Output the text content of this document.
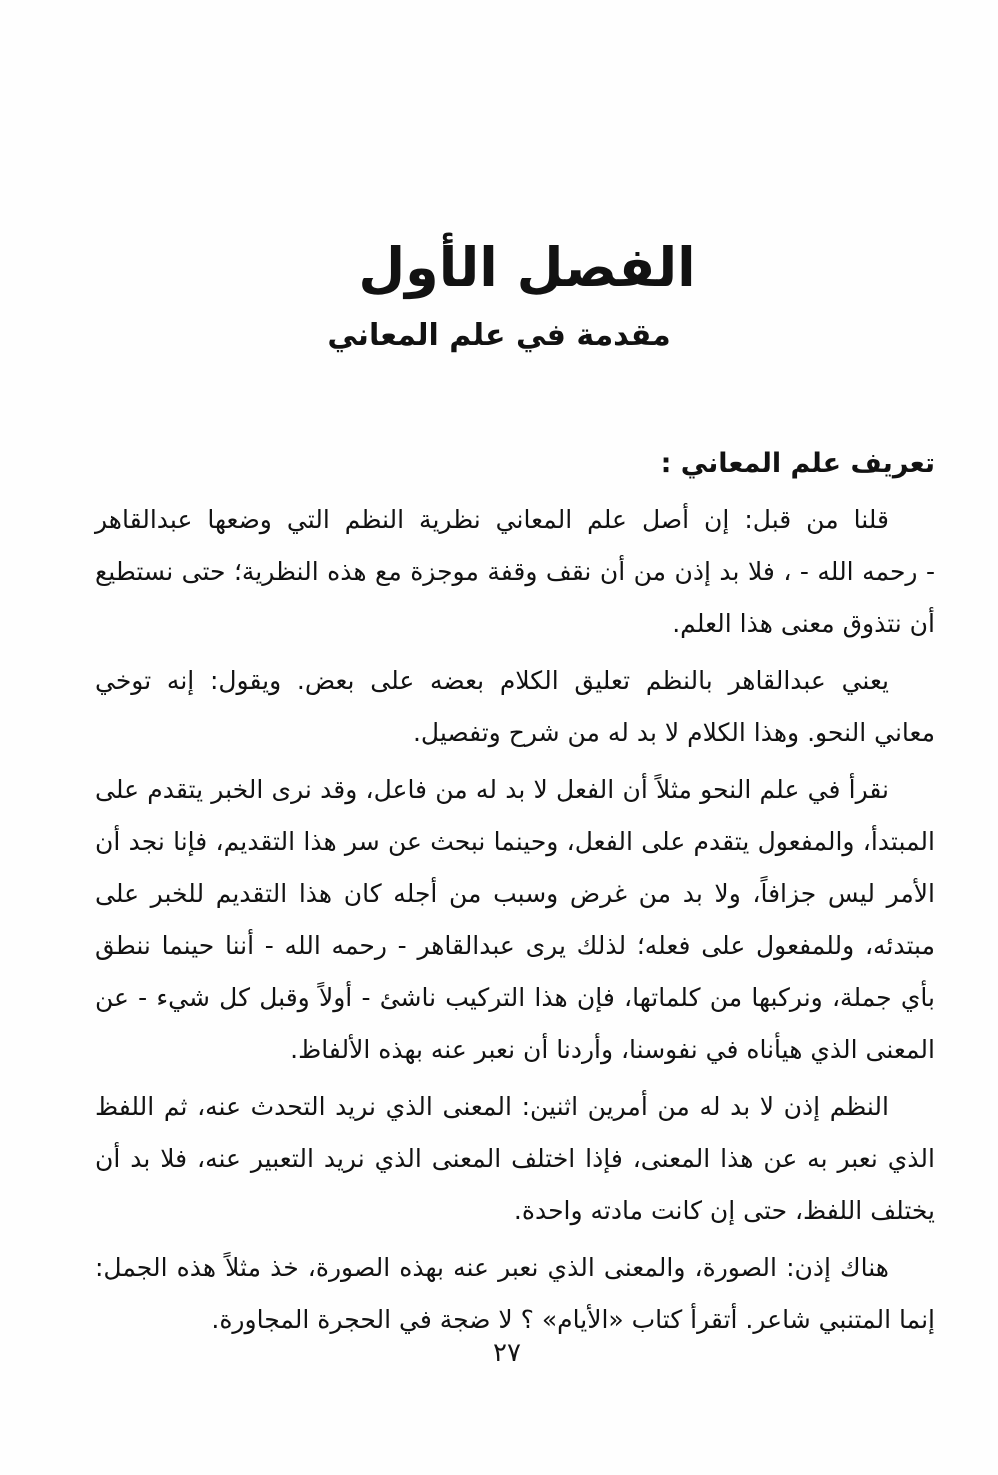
الفصل الأول
مقدمة في علم المعاني
تعريف علم المعاني :
قلنا من قبل: إن أصل علم المعاني نظرية النظم التي وضعها عبدالقاهر
- رحمه الله - ، فلا بد إذن من أن نقف وقفة موجزة مع هذه النظرية؛ حتى نستطيع
أن نتذوق معنى هذا العلم.
يعني عبدالقاهر بالنظم تعليق الكلام بعضه على بعض. ويقول: إنه توخي
معاني النحو. وهذا الكلام لا بد له من شرح وتفصيل.
نقرأ في علم النحو مثلاً أن الفعل لا بد له من فاعل، وقد نرى الخبر يتقدم على
المبتدأ، والمفعول يتقدم على الفعل، وحينما نبحث عن سر هذا التقديم، فإنا نجد أن
الأمر ليس جزافاً، ولا بد من غرض وسبب من أجله كان هذا التقديم للخبر على
مبتدئه، وللمفعول على فعله؛ لذلك يرى عبدالقاهر - رحمه الله - أننا حينما ننطق
بأي جملة، ونركبها من كلماتها، فإن هذا التركيب ناشئ - أولاً وقبل كل شيء - عن
المعنى الذي هيأناه في نفوسنا، وأردنا أن نعبر عنه بهذه الألفاظ.
النظم إذن لا بد له من أمرين اثنين: المعنى الذي نريد التحدث عنه، ثم اللفظ
الذي نعبر به عن هذا المعنى، فإذا اختلف المعنى الذي نريد التعبير عنه، فلا بد أن
يختلف اللفظ، حتى إن كانت مادته واحدة.
هناك إذن: الصورة، والمعنى الذي نعبر عنه بهذه الصورة، خذ مثلاً هذه الجمل:
إنما المتنبي شاعر. أتقرأ كتاب «الأيام» ؟ لا ضجة في الحجرة المجاورة.
٢٧
